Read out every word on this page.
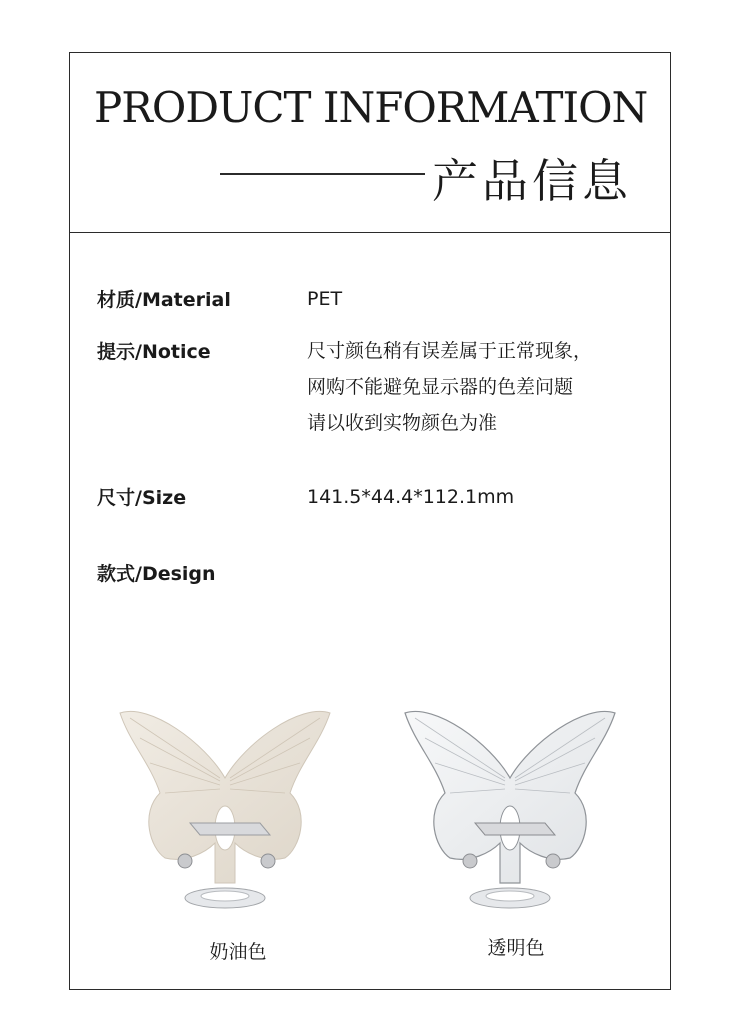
PRODUCT INFORMATION
产品信息
材质/Material	PET
提示/Notice	尺寸颜色稍有误差属于正常现象，
网购不能避免显示器的色差问题
请以收到实物颜色为准
尺寸/Size	141.5*44.4*112.1mm
款式/Design
奶油色	透明色
